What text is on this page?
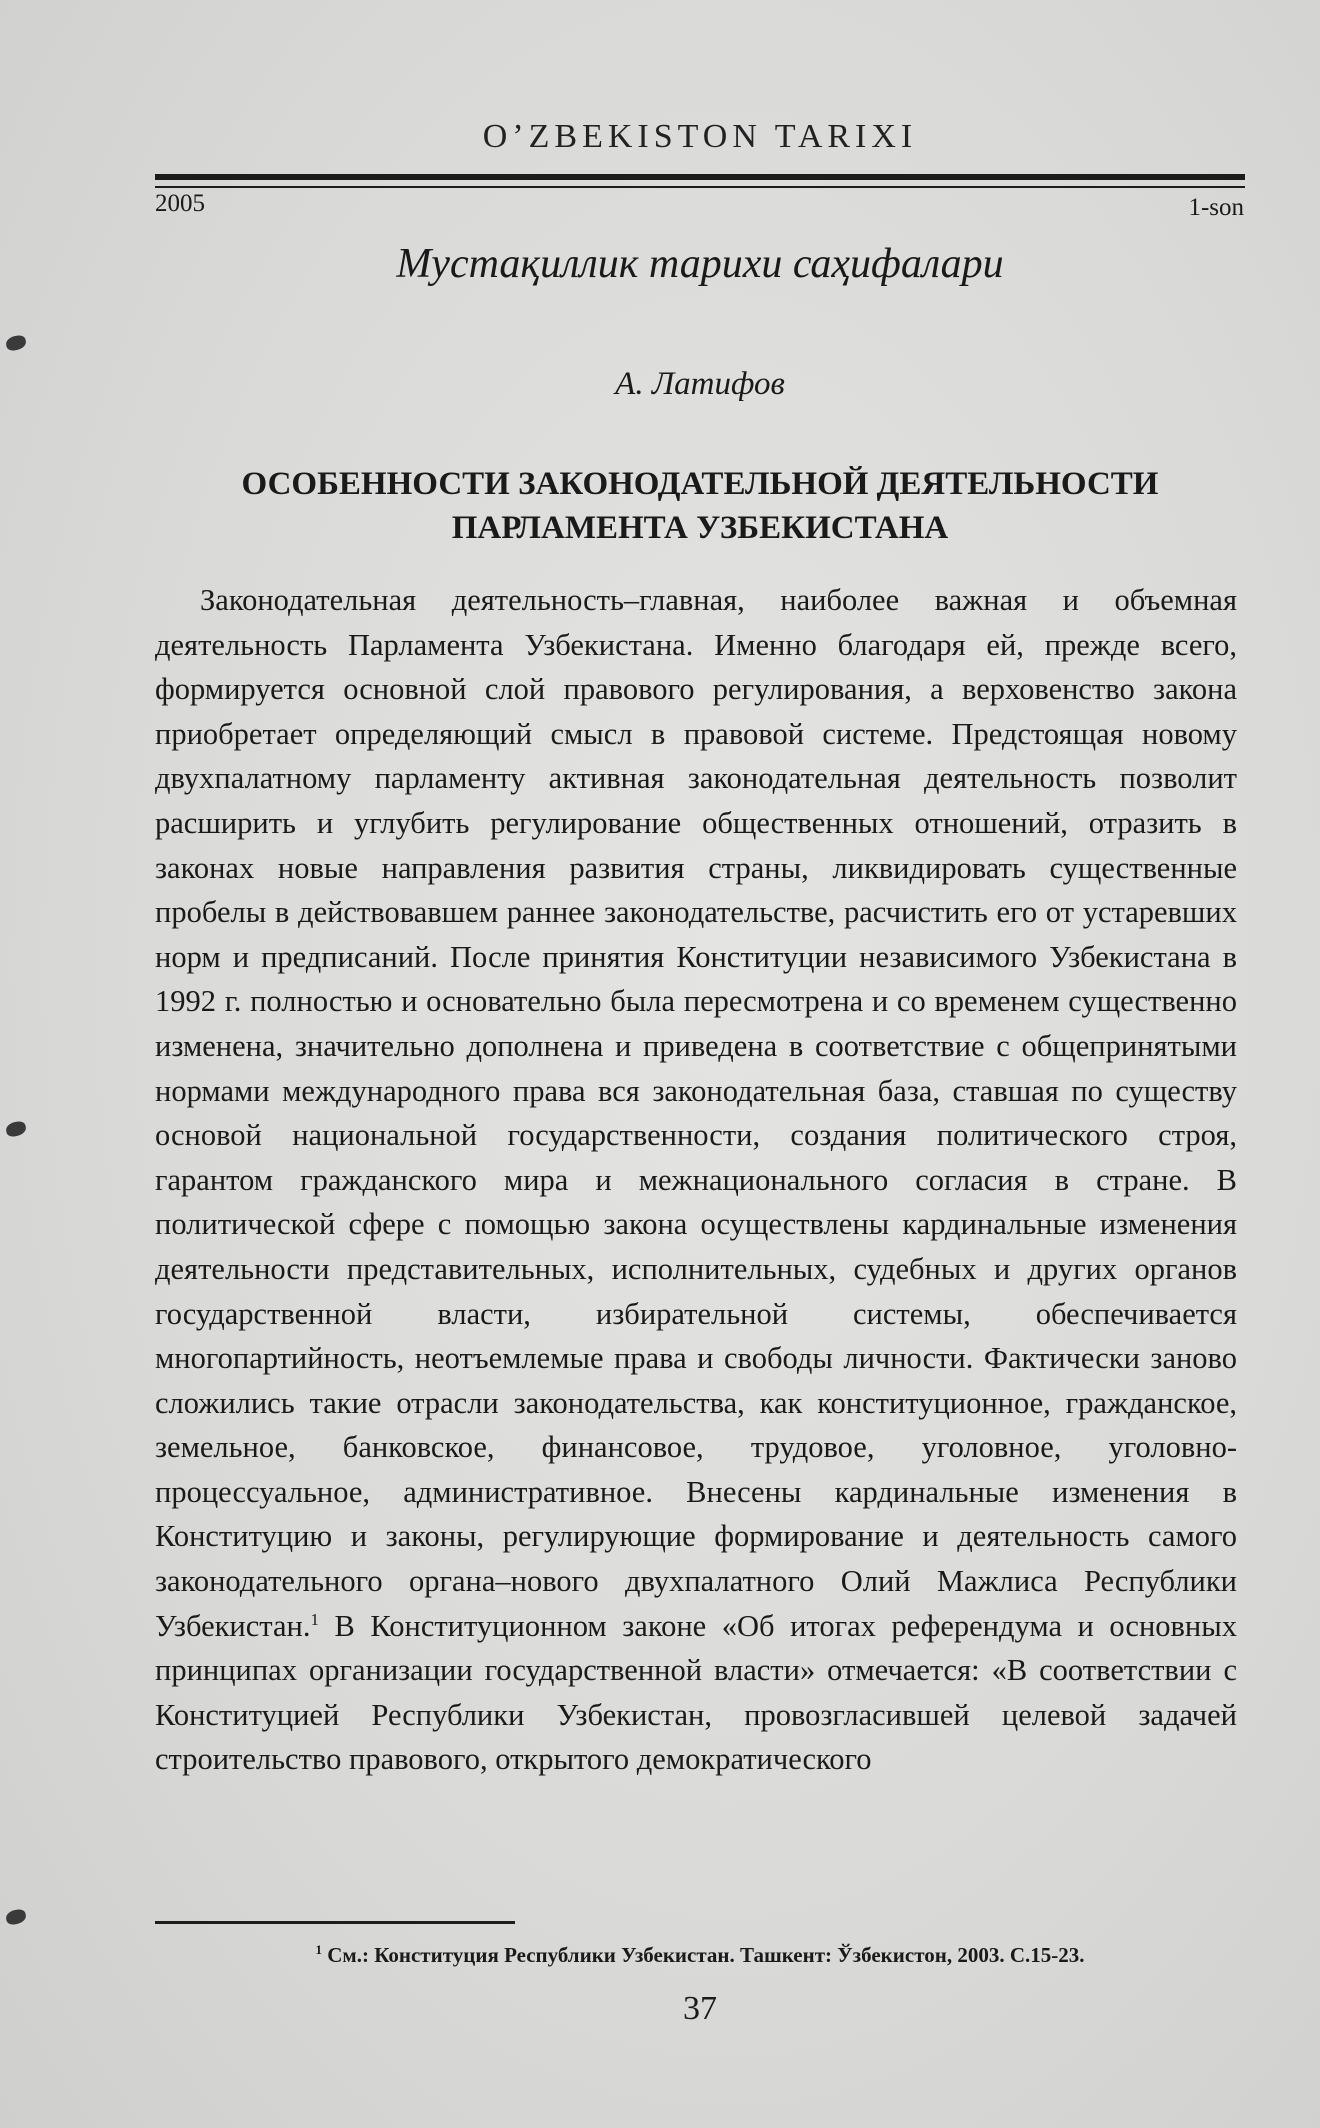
O’ZBEKISTON TARIXI
2005	1-son
Мустақиллик тарихи саҳифалари
А. Латифов
ОСОБЕННОСТИ ЗАКОНОДАТЕЛЬНОЙ ДЕЯТЕЛЬНОСТИ
ПАРЛАМЕНТА УЗБЕКИСТАНА

Законодательная деятельность–главная, наиболее важная и объемная деятельность Парламента Узбекистана. Именно благодаря ей, прежде всего, формируется основной слой правового регулирования, а верховенство закона приобретает определяющий смысл в правовой системе. Предстоящая новому двухпалатному парламенту активная законодательная деятельность позволит расширить и углубить регулирование общественных отношений, отразить в законах новые направления развития страны, ликвидировать существенные пробелы в действовавшем раннее законодательстве, расчистить его от устаревших норм и предписаний. После принятия Конституции независимого Узбекистана в 1992 г. полностью и основательно была пересмотрена и со временем существенно изменена, значительно дополнена и приведена в соответствие с общепринятыми нормами международного права вся законодательная база, ставшая по существу основой национальной государственности, создания политического строя, гарантом гражданского мира и межнационального согласия в стране. В политической сфере с помощью закона осуществлены кардинальные изменения деятельности представительных, исполнительных, судебных и других органов государственной власти, избирательной системы, обеспечивается многопартийность, неотъемлемые права и свободы личности. Фактически заново сложились такие отрасли законодательства, как конституционное, гражданское, земельное, банковское, финансовое, трудовое, уголовное, уголовно-процессуальное, административное. Внесены кардинальные изменения в Конституцию и законы, регулирующие формирование и деятельность самого законодательного органа–нового двухпалатного Олий Мажлиса Республики Узбекистан.$^1$ В Конституционном законе «Об итогах референдума и основных принципах организации государственной власти» отмечается: «В соответствии с Конституцией Республики Узбекистан, провозгласившей целевой задачей строительство правового, открытого демократического

$^1$ См.: Конституция Республики Узбекистан. Ташкент: Ўзбекистон, 2003. С.15-23.
37
